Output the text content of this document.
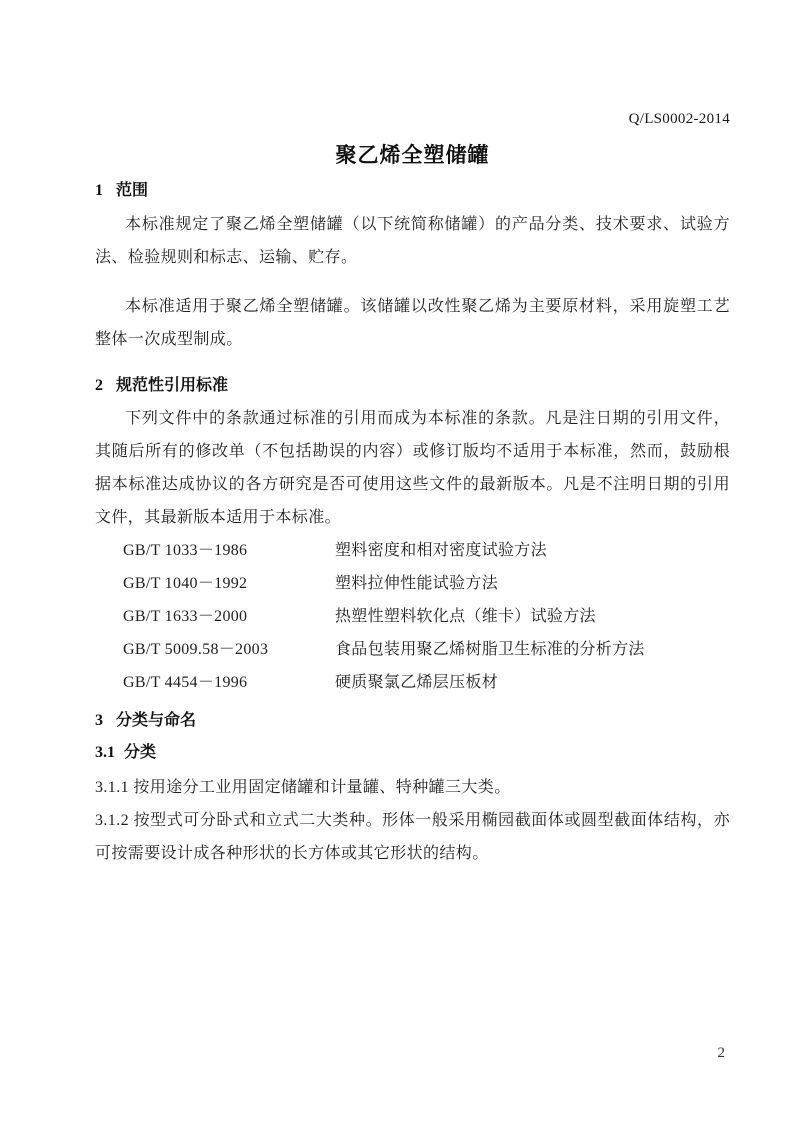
Q/LS0002-2014
聚乙烯全塑储罐
1 范围

本标准规定了聚乙烯全塑储罐（以下统简称储罐）的产品分类、技术要求、试验方法、检验规则和标志、运输、贮存。

本标准适用于聚乙烯全塑储罐。该储罐以改性聚乙烯为主要原材料，采用旋塑工艺整体一次成型制成。

2 规范性引用标准

下列文件中的条款通过标准的引用而成为本标准的条款。凡是注日期的引用文件，其随后所有的修改单（不包括勘误的内容）或修订版均不适用于本标准，然而，鼓励根据本标准达成协议的各方研究是否可使用这些文件的最新版本。凡是不注明日期的引用文件，其最新版本适用于本标准。

GB/T 1033－1986	塑料密度和相对密度试验方法
GB/T 1040－1992	塑料拉伸性能试验方法
GB/T 1633－2000	热塑性塑料软化点（维卡）试验方法
GB/T 5009.58－2003	食品包装用聚乙烯树脂卫生标准的分析方法
GB/T 4454－1996	硬质聚氯乙烯层压板材
3 分类与命名
3.1 分类

3.1.1 按用途分工业用固定储罐和计量罐、特种罐三大类。

3.1.2 按型式可分卧式和立式二大类种。形体一般采用椭园截面体或圆型截面体结构，亦可按需要设计成各种形状的长方体或其它形状的结构。

2
